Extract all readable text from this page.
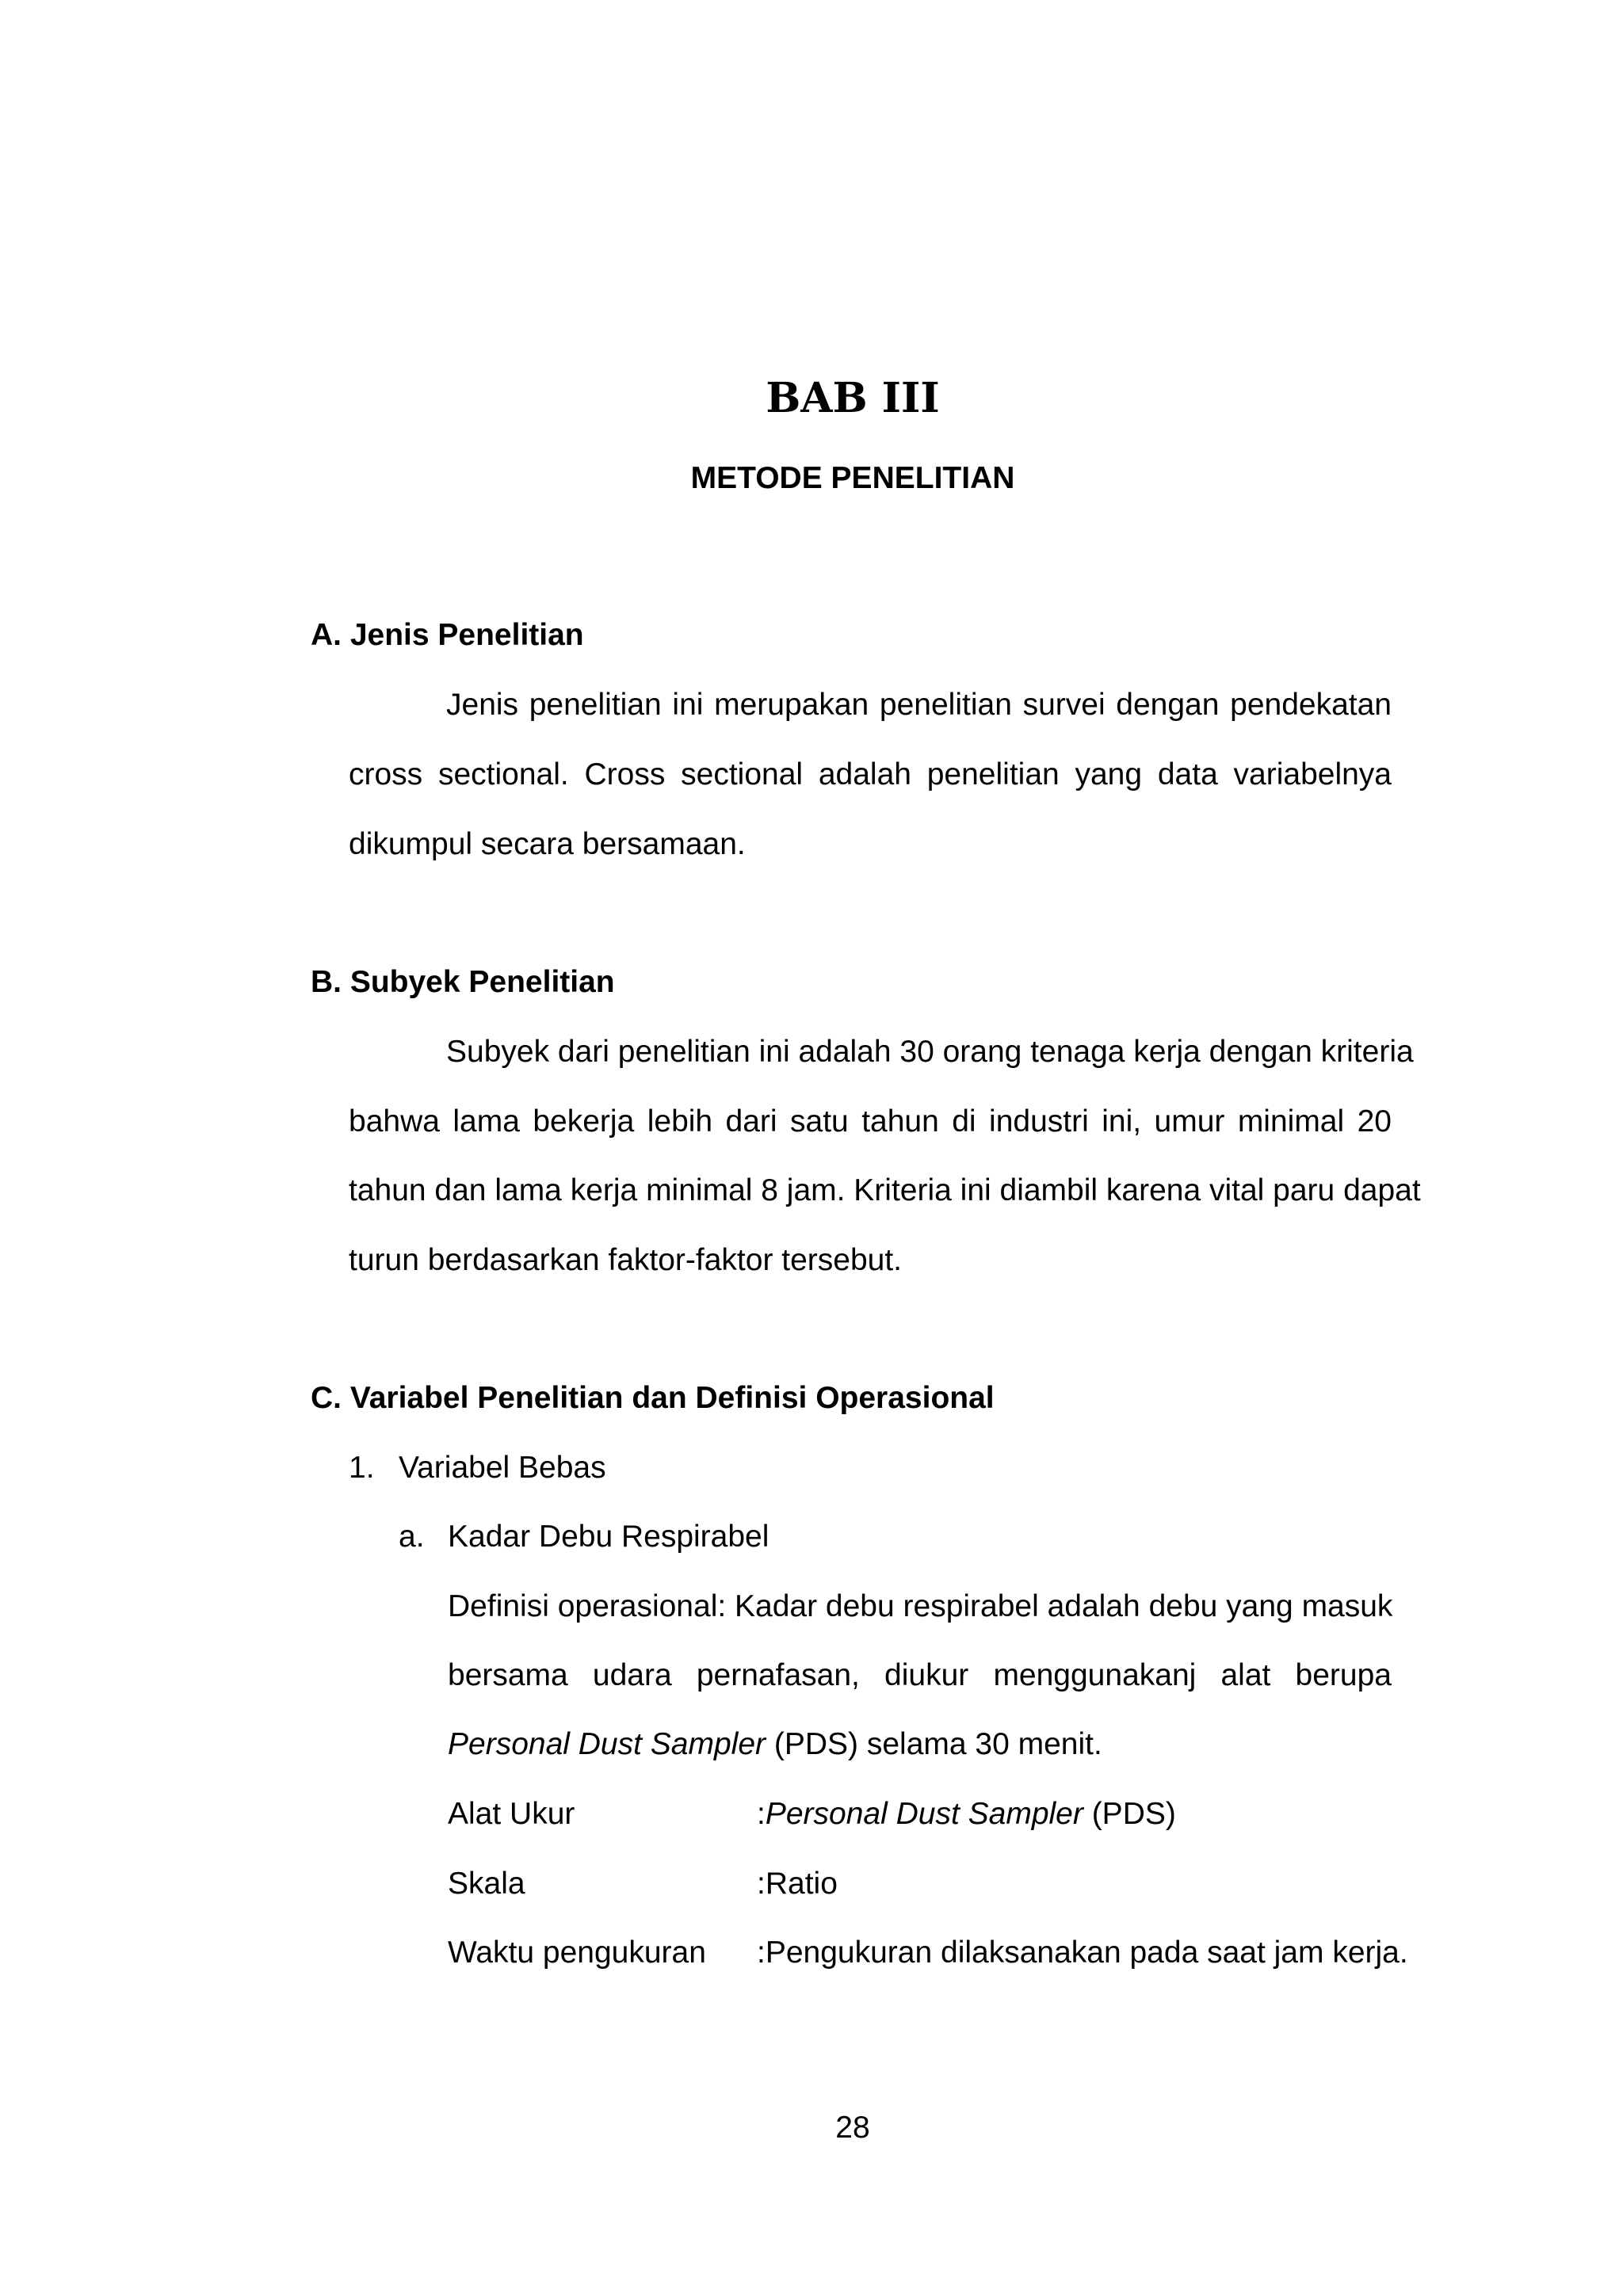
BAB III
METODE PENELITIAN
A. Jenis Penelitian
Jenis penelitian ini merupakan penelitian survei dengan pendekatan
cross sectional. Cross sectional adalah penelitian yang data variabelnya
dikumpul secara bersamaan.
B. Subyek Penelitian
Subyek dari penelitian ini adalah 30 orang tenaga kerja dengan kriteria
bahwa lama bekerja lebih dari satu tahun di industri ini, umur minimal 20
tahun dan lama kerja minimal 8 jam. Kriteria ini diambil karena vital paru dapat
turun berdasarkan faktor-faktor tersebut.
C. Variabel Penelitian dan Definisi Operasional
1. Variabel Bebas
a. Kadar Debu Respirabel
Definisi operasional: Kadar debu respirabel adalah debu yang masuk
bersama udara pernafasan, diukur menggunakanj alat berupa
Personal Dust Sampler (PDS) selama 30 menit.
Alat Ukur	:Personal Dust Sampler (PDS)
Skala	:Ratio
Waktu pengukuran :Pengukuran dilaksanakan pada saat jam kerja.
28
